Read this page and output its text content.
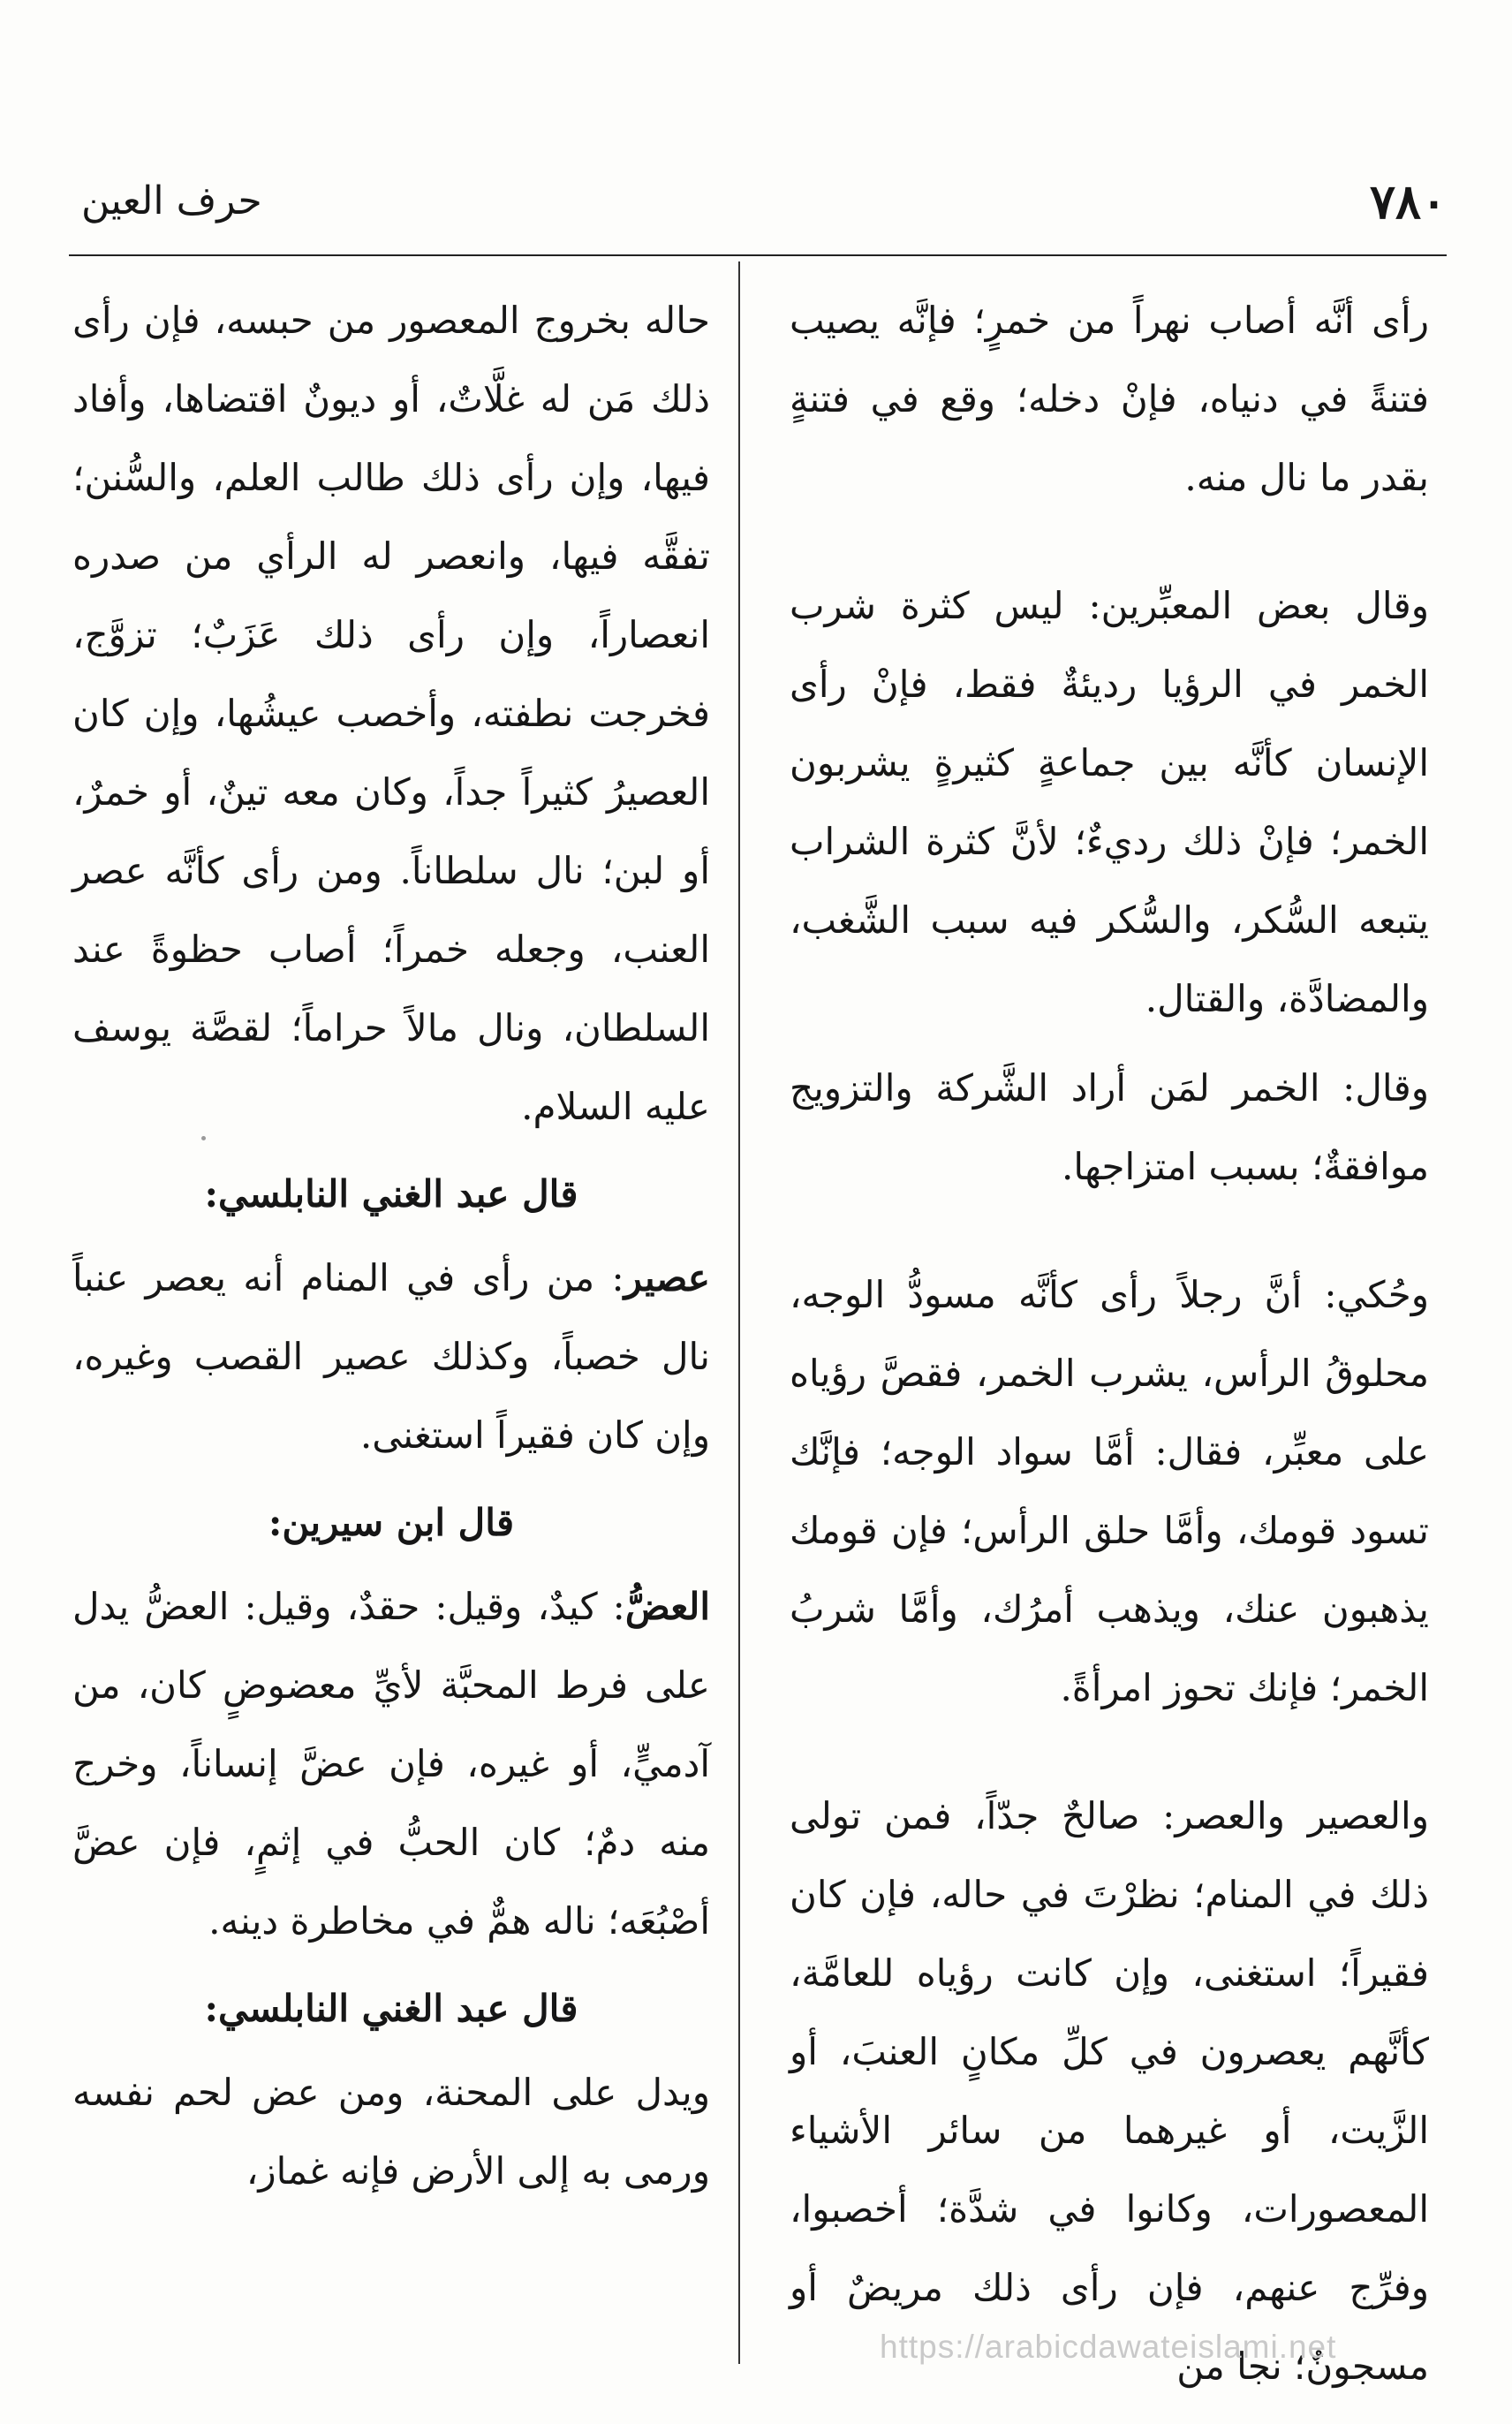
٧٨٠
حرف العين

رأى أنَّه أصاب نهراً من خمرٍ؛ فإنَّه يصيب فتنةً في دنياه، فإنْ دخله؛ وقع في فتنةٍ بقدر ما نال منه.

وقال بعض المعبِّرين: ليس كثرة شرب الخمر في الرؤيا رديئةٌ فقط، فإنْ رأى الإنسان كأنَّه بين جماعةٍ كثيرةٍ يشربون الخمر؛ فإنْ ذلك رديءٌ؛ لأنَّ كثرة الشراب يتبعه السُّكر، والسُّكر فيه سبب الشَّغب، والمضادَّة، والقتال.

وقال: الخمر لمَن أراد الشَّركة والتزويج موافقةٌ؛ بسبب امتزاجها.

وحُكي: أنَّ رجلاً رأى كأنَّه مسودُّ الوجه، محلوقُ الرأس، يشرب الخمر، فقصَّ رؤياه على معبِّر، فقال: أمَّا سواد الوجه؛ فإنَّك تسود قومك، وأمَّا حلق الرأس؛ فإن قومك يذهبون عنك، ويذهب أمرُك، وأمَّا شربُ الخمر؛ فإنك تحوز امرأةً.

والعصير والعصر: صالحٌ جدّاً، فمن تولى ذلك في المنام؛ نظرْتَ في حاله، فإن كان فقيراً؛ استغنى، وإن كانت رؤياه للعامَّة، كأنَّهم يعصرون في كلِّ مكانٍ العنبَ، أو الزَّيت، أو غيرهما من سائر الأشياء المعصورات، وكانوا في شدَّة؛ أخصبوا، وفرِّج عنهم، فإن رأى ذلك مريضٌ أو مسجونٌ؛ نجا من

حاله بخروج المعصور من حبسه، فإن رأى ذلك مَن له غلَّاتٌ، أو ديونٌ اقتضاها، وأفاد فيها، وإن رأى ذلك طالب العلم، والسُّنن؛ تفقَّه فيها، وانعصر له الرأي من صدره انعصاراً، وإن رأى ذلك عَزَبٌ؛ تزوَّج، فخرجت نطفته، وأخصب عيشُها، وإن كان العصيرُ كثيراً جداً، وكان معه تينٌ، أو خمرٌ، أو لبن؛ نال سلطاناً. ومن رأى كأنَّه عصر العنب، وجعله خمراً؛ أصاب حظوةً عند السلطان، ونال مالاً حراماً؛ لقصَّة يوسف عليه السلام.

قال عبد الغني النابلسي:

عصير: من رأى في المنام أنه يعصر عنباً نال خصباً، وكذلك عصير القصب وغيره، وإن كان فقيراً استغنى.

قال ابن سيرين:

العضُّ: كيدٌ، وقيل: حقدٌ، وقيل: العضُّ يدل على فرط المحبَّة لأيِّ معضوضٍ كان، من آدميٍّ، أو غيره، فإن عضَّ إنساناً، وخرج منه دمٌ؛ كان الحبُّ في إثمٍ، فإن عضَّ أصْبُعَه؛ ناله همٌّ في مخاطرة دينه.

قال عبد الغني النابلسي:

ويدل على المحنة، ومن عض لحم نفسه ورمى به إلى الأرض فإنه غماز،

https://arabicdawateislami.net
